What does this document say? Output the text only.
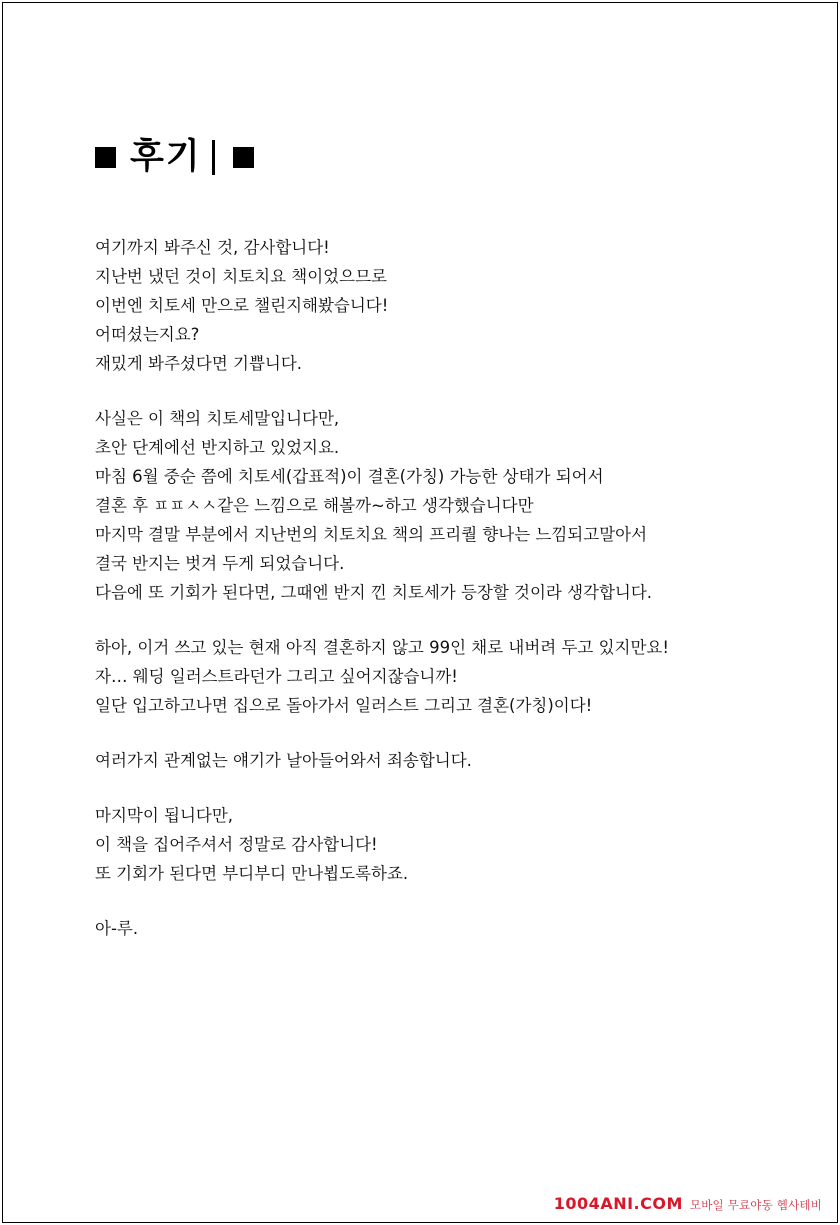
후기
여기까지 봐주신 것, 감사합니다!
지난번 냈던 것이 치토치요 책이었으므로
이번엔 치토세 만으로 챌린지해봤습니다!
어떠셨는지요?
재밌게 봐주셨다면 기쁩니다.
사실은 이 책의 치토세말입니다만,
초안 단계에선 반지하고 있었지요.
마침 6월 중순 쯤에 치토세(갑표적)이 결혼(가칭) 가능한 상태가 되어서
결혼 후 ㅍㅍㅅㅅ같은 느낌으로 해볼까~하고 생각했습니다만
마지막 결말 부분에서 지난번의 치토치요 책의 프리퀄 향나는 느낌되고말아서
결국 반지는 벗겨 두게 되었습니다.
다음에 또 기회가 된다면, 그때엔 반지 낀 치토세가 등장할 것이라 생각합니다.
하아, 이거 쓰고 있는 현재 아직 결혼하지 않고 99인 채로 내버려 두고 있지만요!
자… 웨딩 일러스트라던가 그리고 싶어지잖습니까!
일단 입고하고나면 집으로 돌아가서 일러스트 그리고 결혼(가칭)이다!
여러가지 관계없는 얘기가 날아들어와서 죄송합니다.
마지막이 됩니다만,
이 책을 집어주셔서 정말로 감사합니다!
또 기회가 된다면 부디부디 만나뵙도록하죠.
아-루.
1004ANI.COM 모바일 무료야동 헴사테비
